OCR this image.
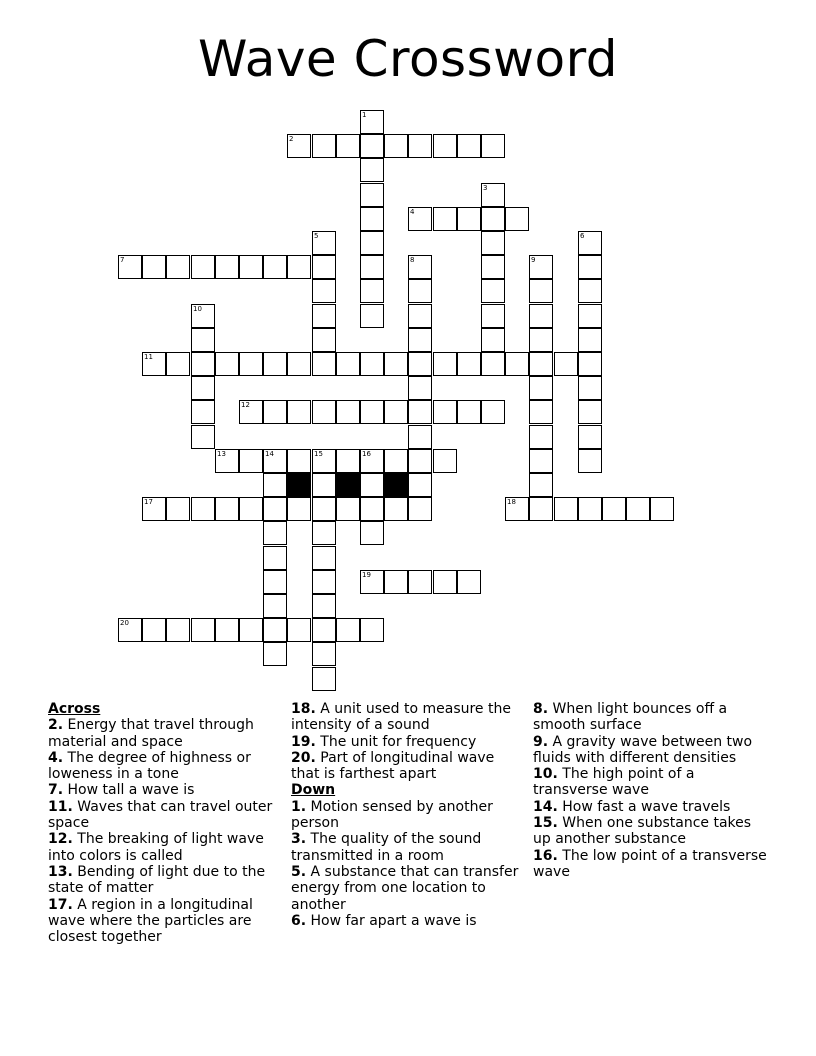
Wave Crossword
1
2
3
4
5	6
7	8	9
10
11
12
13	14	15	16
17	18
19
20
Across
2. Energy that travel through material and space
4. The degree of highness or loweness in a tone
7. How tall a wave is
11. Waves that can travel outer space
12. The breaking of light wave into colors is called
13. Bending of light due to the state of matter
17. A region in a longitudinal wave where the particles are closest together
18. A unit used to measure the intensity of a sound
19. The unit for frequency
20. Part of longitudinal wave that is farthest apart
Down
1. Motion sensed by another person
3. The quality of the sound transmitted in a room
5. A substance that can transfer energy from one location to another
6. How far apart a wave is
8. When light bounces off a smooth surface
9. A gravity wave between two fluids with different densities
10. The high point of a transverse wave
14. How fast a wave travels
15. When one substance takes up another substance
16. The low point of a transverse wave
